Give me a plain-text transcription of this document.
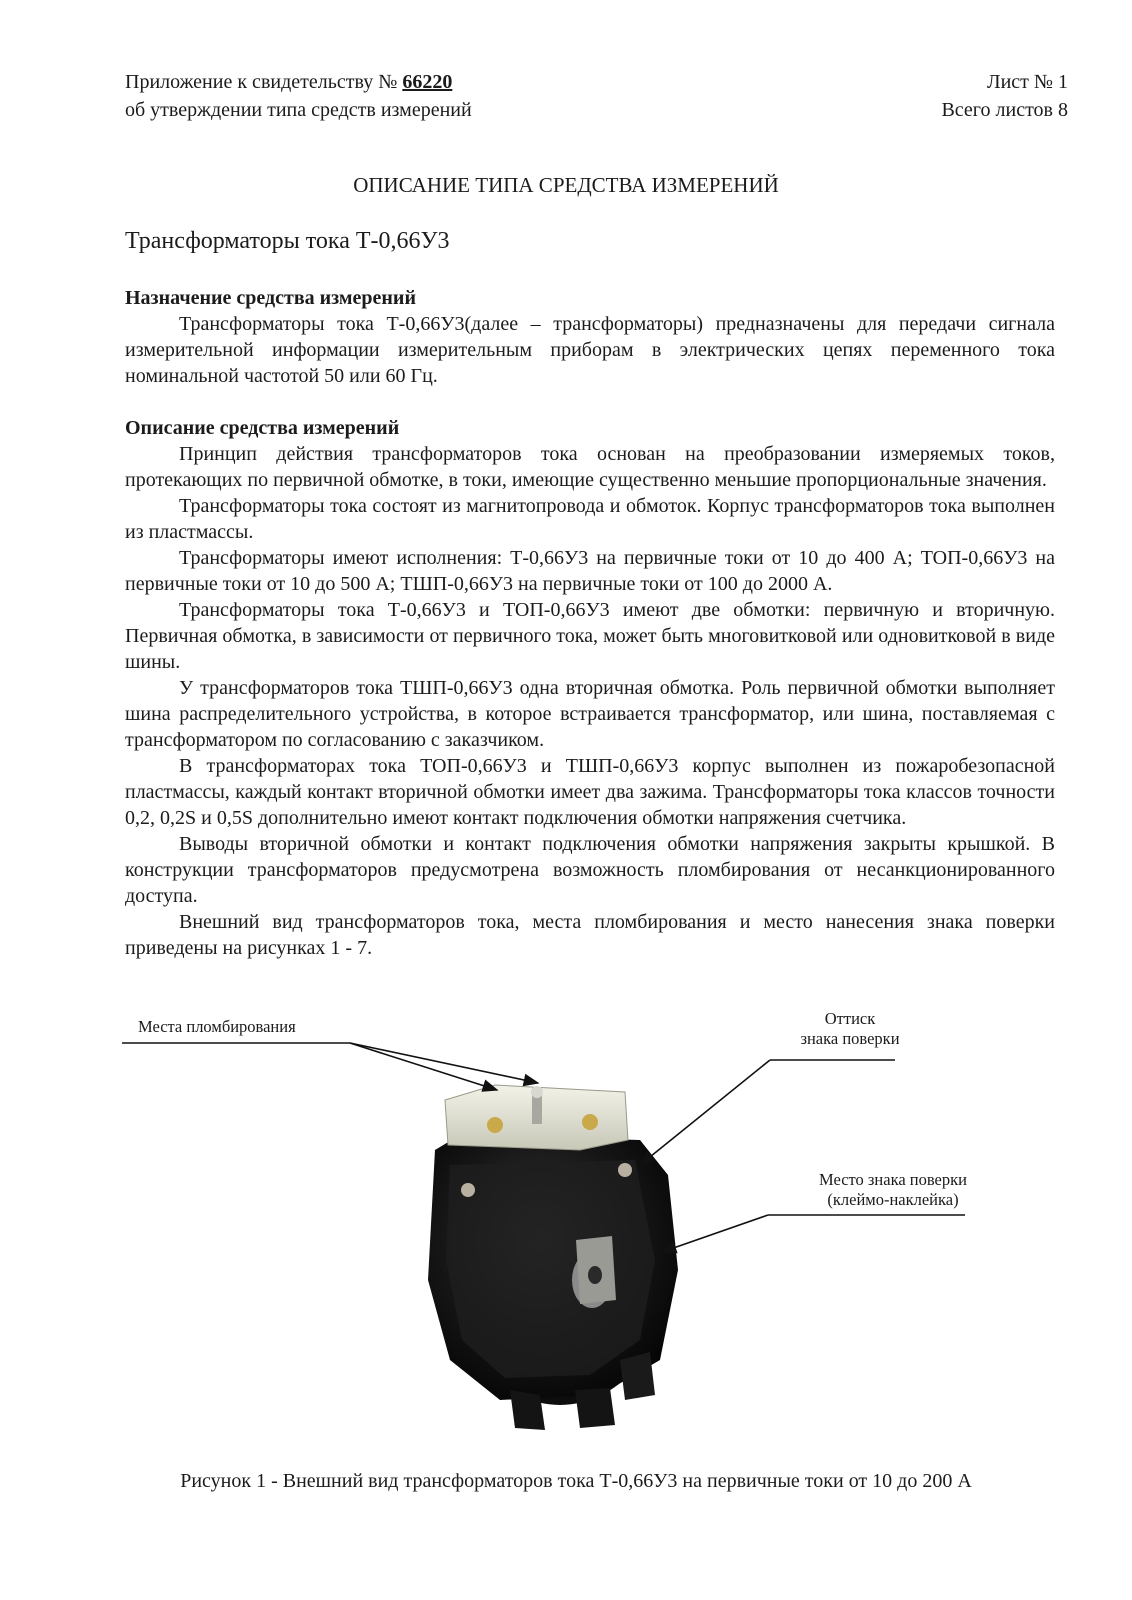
Приложение к свидетельству № 66220
об утверждении типа средств измерений
Лист № 1
Всего листов 8
ОПИСАНИЕ ТИПА СРЕДСТВА ИЗМЕРЕНИЙ
Трансформаторы тока Т-0,66У3
Назначение средства измерений

Трансформаторы тока Т-0,66У3(далее – трансформаторы) предназначены для передачи сигнала измерительной информации измерительным приборам в электрических цепях переменного тока номинальной частотой 50 или 60 Гц.

Описание средства измерений

Принцип действия трансформаторов тока основан на преобразовании измеряемых токов, протекающих по первичной обмотке, в токи, имеющие существенно меньшие пропорциональные значения.

Трансформаторы тока состоят из магнитопровода и обмоток. Корпус трансформаторов тока выполнен из пластмассы.

Трансформаторы имеют исполнения: Т-0,66У3 на первичные токи от 10 до 400 А; ТОП-0,66У3 на первичные токи от 10 до 500 А; ТШП-0,66У3 на первичные токи от 100 до 2000 А.

Трансформаторы тока Т-0,66У3 и ТОП-0,66У3 имеют две обмотки: первичную и вторичную. Первичная обмотка, в зависимости от первичного тока, может быть многовитковой или одновитковой в виде шины.

У трансформаторов тока ТШП-0,66У3 одна вторичная обмотка. Роль первичной обмотки выполняет шина распределительного устройства, в которое встраивается трансформатор, или шина, поставляемая с трансформатором по согласованию с заказчиком.

В трансформаторах тока ТОП-0,66У3 и ТШП-0,66У3 корпус выполнен из пожаробезопасной пластмассы, каждый контакт вторичной обмотки имеет два зажима. Трансформаторы тока классов точности 0,2, 0,2S и 0,5S дополнительно имеют контакт подключения обмотки напряжения счетчика.

Выводы вторичной обмотки и контакт подключения обмотки напряжения закрыты крышкой. В конструкции трансформаторов предусмотрена возможность пломбирования от несанкционированного доступа.

Внешний вид трансформаторов тока, места пломбирования и место нанесения знака поверки приведены на рисунках 1 - 7.

Места пломбирования	Оттиск
знака поверки
Место знака поверки
(клеймо-наклейка)
Рисунок 1 - Внешний вид трансформаторов тока Т-0,66У3 на первичные токи от 10 до 200 А
